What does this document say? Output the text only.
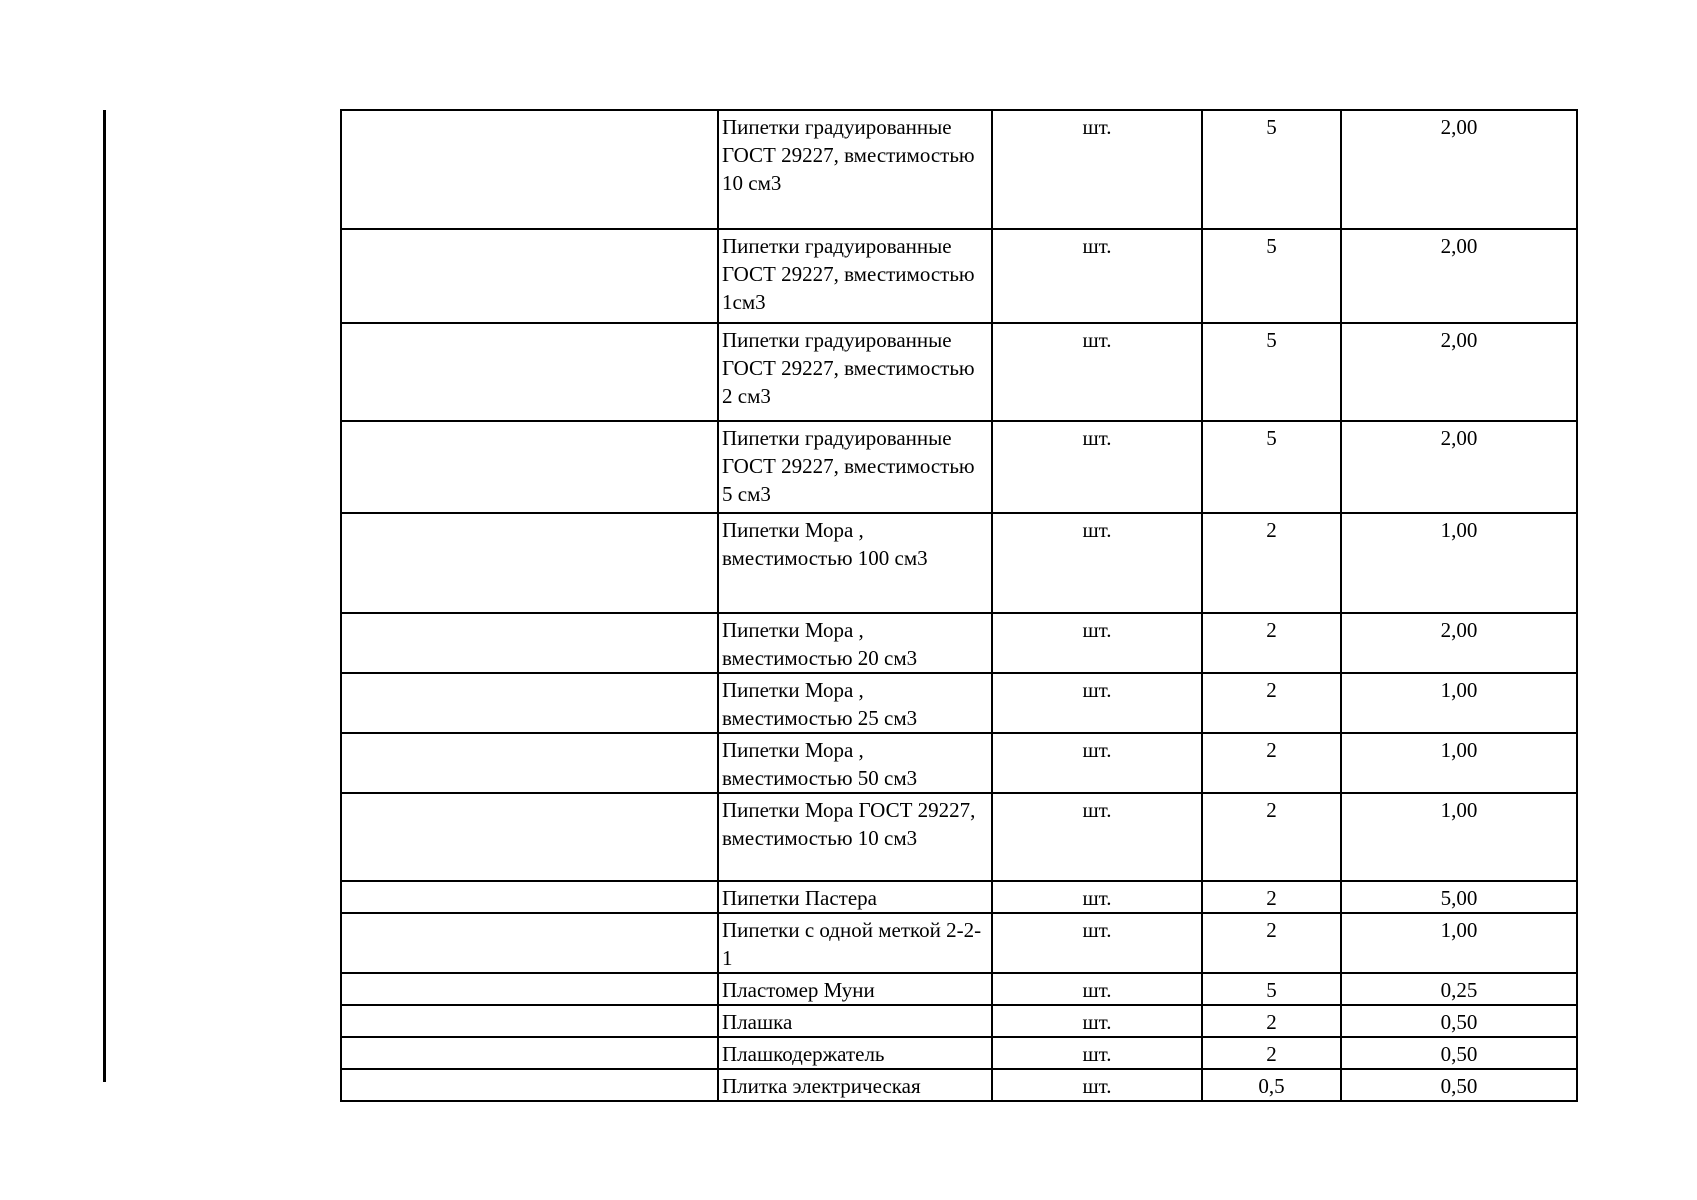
	Пипетки градуированные ГОСТ 29227, вместимостью 10 см3	шт.	5	2,00
	Пипетки градуированные ГОСТ 29227, вместимостью 1см3	шт.	5	2,00
	Пипетки градуированные ГОСТ 29227, вместимостью 2 см3	шт.	5	2,00
	Пипетки градуированные ГОСТ 29227, вместимостью 5 см3	шт.	5	2,00
	Пипетки Мора , вместимостью 100 см3	шт.	2	1,00
	Пипетки Мора , вместимостью 20 см3	шт.	2	2,00
	Пипетки Мора , вместимостью 25 см3	шт.	2	1,00
	Пипетки Мора , вместимостью 50 см3	шт.	2	1,00
	Пипетки Мора ГОСТ 29227, вместимостью 10 см3	шт.	2	1,00
	Пипетки Пастера	шт.	2	5,00
	Пипетки с одной меткой 2-2-1	шт.	2	1,00
	Пластомер Муни	шт.	5	0,25
	Плашка	шт.	2	0,50
	Плашкодержатель	шт.	2	0,50
	Плитка электрическая	шт.	0,5	0,50
